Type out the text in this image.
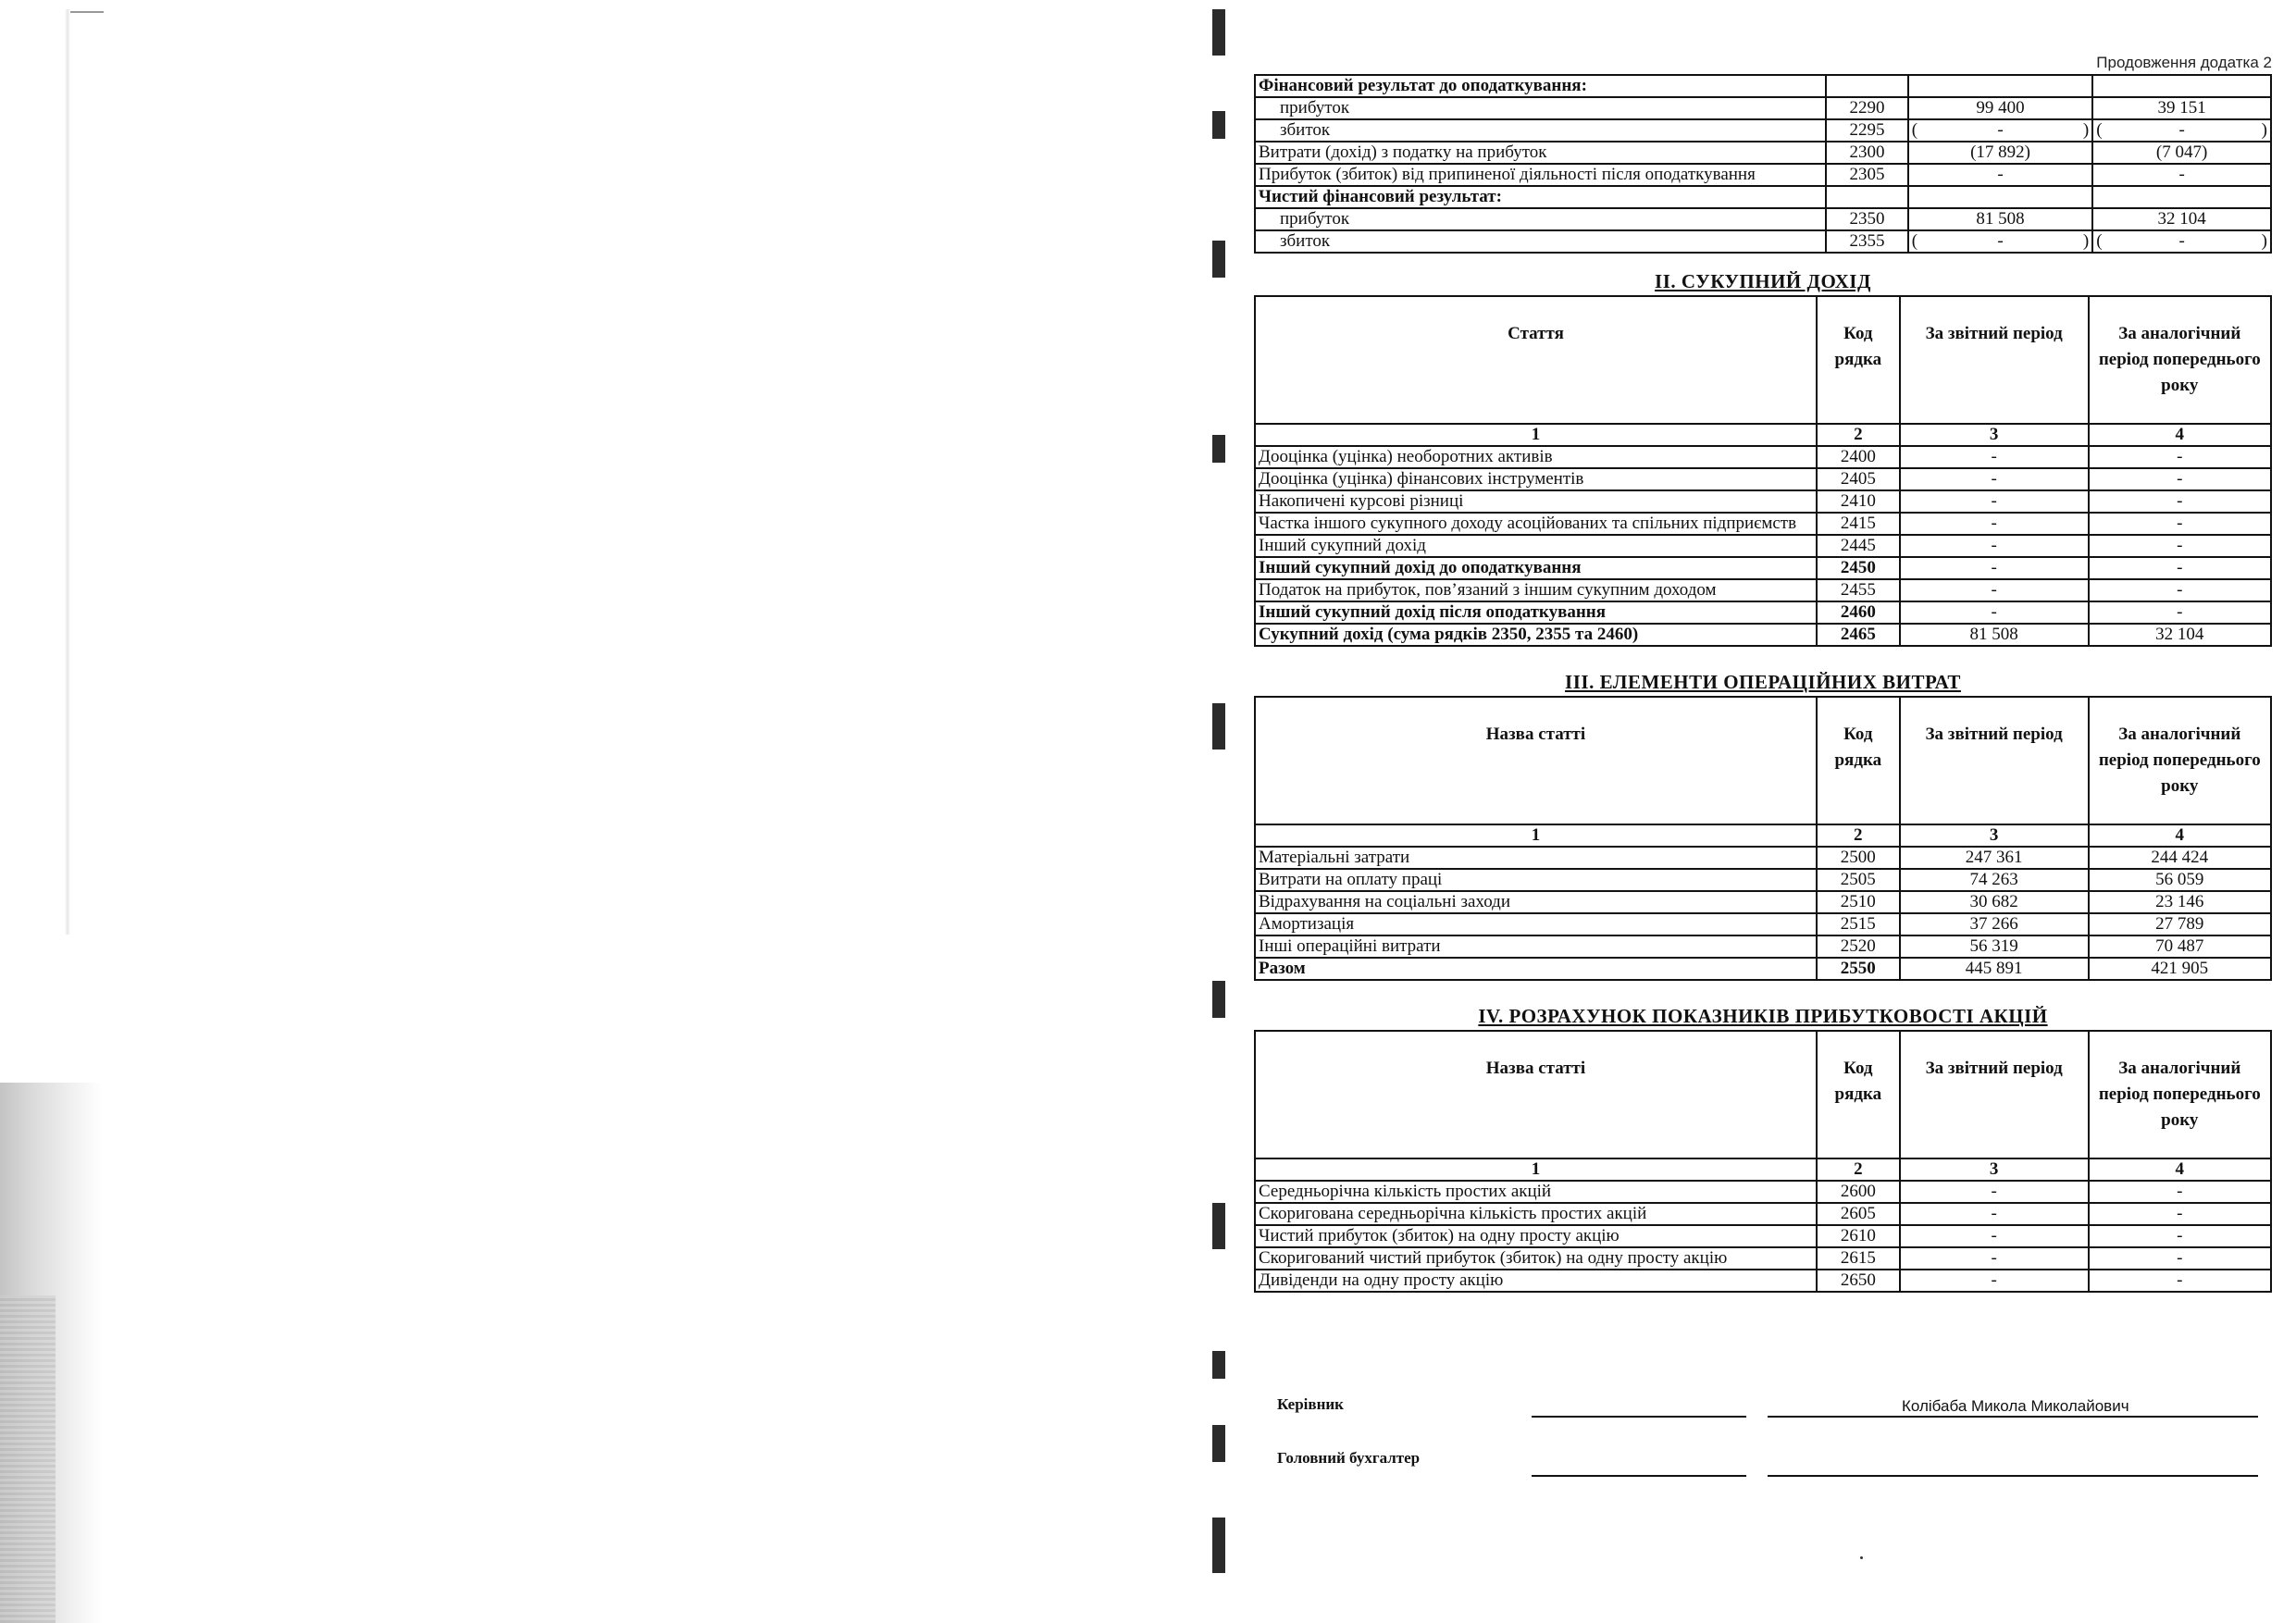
Продовження додатка 2
Фінансовий результат до оподаткування:			
прибуток	2290	99 400	39 151
збиток	2295	( - )	( - )

Витрати (дохід) з податку на прибуток	2300	(17 892)	(7 047)
Прибуток (збиток) від припиненої діяльності після оподаткування	2305	-	-
Чистий фінансовий результат:			
прибуток	2350	81 508	32 104
збиток	2355	( - )	( - )
II. СУКУПНИЙ ДОХІД
Стаття	Код рядка	За звітний період	За аналогічний період попереднього року
1	2	3	4
Дооцінка (уцінка) необоротних активів	2400	-	-
Дооцінка (уцінка) фінансових інструментів	2405	-	-
Накопичені курсові різниці	2410	-	-
Частка іншого сукупного доходу асоційованих та спільних підприємств	2415	-	-
Інший сукупний дохід	2445	-	-
Інший сукупний дохід до оподаткування	2450	-	-
Податок на прибуток, пов’язаний з іншим сукупним доходом	2455	-	-
Інший сукупний дохід після оподаткування	2460	-	-
Сукупний дохід (сума рядків 2350, 2355 та 2460)	2465	81 508	32 104
III. ЕЛЕМЕНТИ ОПЕРАЦІЙНИХ ВИТРАТ
Назва статті	Код рядка	За звітний період	За аналогічний період попереднього року
1	2	3	4
Матеріальні затрати	2500	247 361	244 424
Витрати на оплату праці	2505	74 263	56 059
Відрахування на соціальні заходи	2510	30 682	23 146
Амортизація	2515	37 266	27 789
Інші операційні витрати	2520	56 319	70 487
Разом	2550	445 891	421 905
IV. РОЗРАХУНОК ПОКАЗНИКІВ ПРИБУТКОВОСТІ АКЦІЙ
Назва статті	Код рядка	За звітний період	За аналогічний період попереднього року
1	2	3	4
Середньорічна кількість простих акцій	2600	-	-
Скоригована середньорічна кількість простих акцій	2605	-	-
Чистий прибуток (збиток) на одну просту акцію	2610	-	-
Скоригований чистий прибуток (збиток) на одну просту акцію	2615	-	-
Дивіденди на одну просту акцію	2650	-	-
Керівник	Колібаба Микола Миколайович
Головний бухгалтер
